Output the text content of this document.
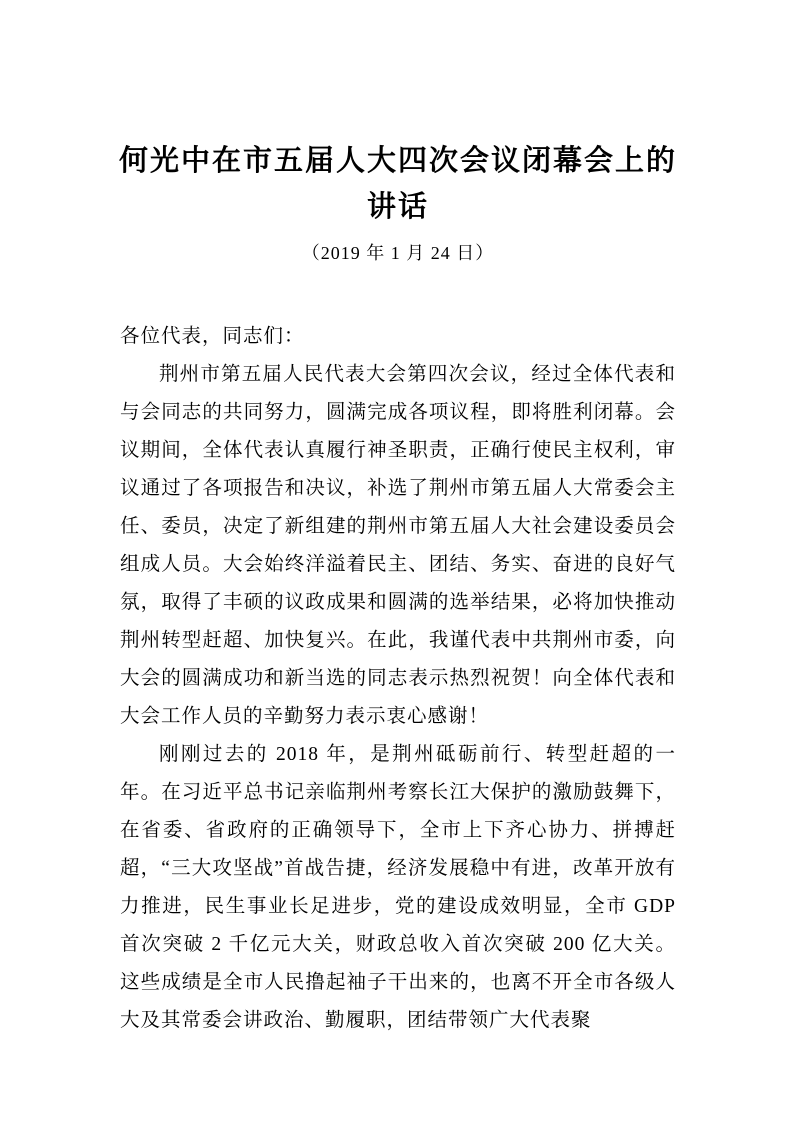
何光中在市五届人大四次会议闭幕会上的讲话
（2019 年 1 月 24 日）

各位代表，同志们：

荆州市第五届人民代表大会第四次会议，经过全体代表和与会同志的共同努力，圆满完成各项议程，即将胜利闭幕。会议期间，全体代表认真履行神圣职责，正确行使民主权利，审议通过了各项报告和决议，补选了荆州市第五届人大常委会主任、委员，决定了新组建的荆州市第五届人大社会建设委员会组成人员。大会始终洋溢着民主、团结、务实、奋进的良好气氛，取得了丰硕的议政成果和圆满的选举结果，必将加快推动荆州转型赶超、加快复兴。在此，我谨代表中共荆州市委，向大会的圆满成功和新当选的同志表示热烈祝贺！向全体代表和大会工作人员的辛勤努力表示衷心感谢！

刚刚过去的 2018 年，是荆州砥砺前行、转型赶超的一年。在习近平总书记亲临荆州考察长江大保护的激励鼓舞下，在省委、省政府的正确领导下，全市上下齐心协力、拼搏赶超，“三大攻坚战”首战告捷，经济发展稳中有进，改革开放有力推进，民生事业长足进步，党的建设成效明显，全市 GDP 首次突破 2 千亿元大关，财政总收入首次突破 200 亿大关。这些成绩是全市人民撸起袖子干出来的，也离不开全市各级人大及其常委会讲政治、勤履职，团结带领广大代表聚
